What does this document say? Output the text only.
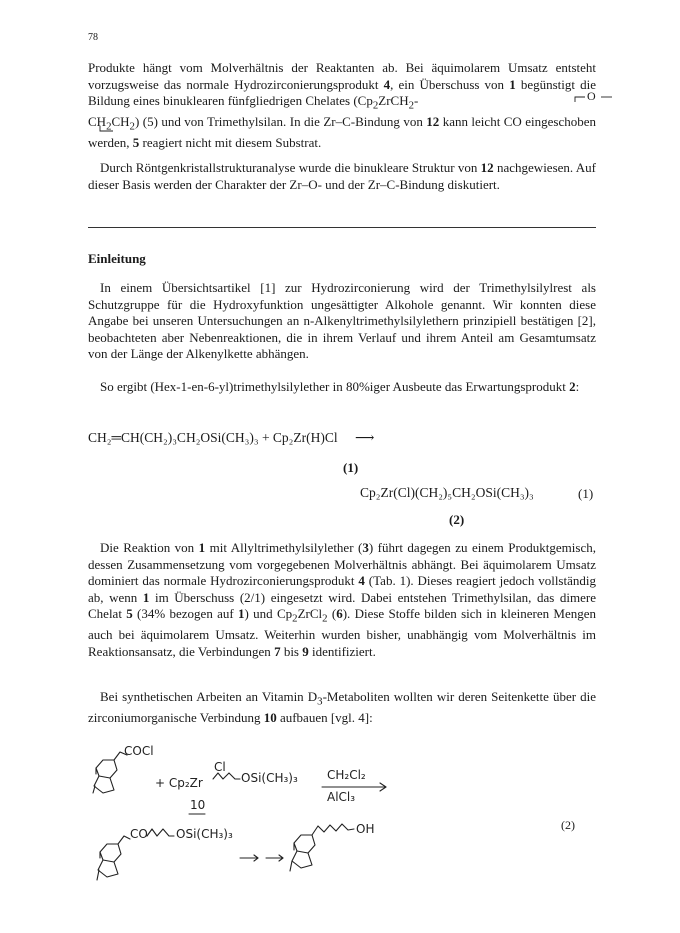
78
Produkte hängt vom Molverhältnis der Reaktanten ab. Bei äquimolarem Umsatz entsteht vorzugsweise das normale Hydrozirconierungsprodukt 4, ein Überschuss von 1 begünstigt die Bildung eines binuklearen fünfgliedrigen Chelates ($Cp_2ZrCH_2-$
$CH_2CH_2$) (5) und von Trimethylsilan. In die Zr–C-Bindung von 12 kann leicht CO eingeschoben werden, 5 reagiert nicht mit diesem Substrat.
O
Durch Röntgenkristallstrukturanalyse wurde die binukleare Struktur von 12 nachgewiesen. Auf dieser Basis werden der Charakter der Zr–O- und der Zr–C-Bindung diskutiert.
Einleitung
In einem Übersichtsartikel [1] zur Hydrozirconierung wird der Trimethylsilylrest als Schutzgruppe für die Hydroxyfunktion ungesättigter Alkohole genannt. Wir konnten diese Angabe bei unseren Untersuchungen an n-Alkenyltrimethylsilylethern prinzipiell bestätigen [2], beobachteten aber Nebenreaktionen, die in ihrem Verlauf und ihrem Anteil am Gesamtumsatz von der Länge der Alkenylkette abhängen.
So ergibt (Hex-1-en-6-yl)trimethylsilylether in 80%iger Ausbeute das Erwartungsprodukt 2:
CH₂═CH(CH₂)₃CH₂OSi(CH₃)₃ + Cp₂Zr(H)Cl ⟶
(1)
Cp₂Zr(Cl)(CH₂)₅CH₂OSi(CH₃)₃	(1)
(2)
Die Reaktion von 1 mit Allyltrimethylsilylether (3) führt dagegen zu einem Produktgemisch, dessen Zusammensetzung vom vorgegebenen Molverhältnis abhängt. Bei äquimolarem Umsatz dominiert das normale Hydrozirconierungsprodukt 4 (Tab. 1). Dieses reagiert jedoch vollständig ab, wenn 1 im Überschuss (2/1) eingesetzt wird. Dabei entstehen Trimethylsilan, das dimere Chelat 5 (34% bezogen auf 1) und $Cp_2ZrCl_2$ (6). Diese Stoffe bilden sich in kleineren Mengen auch bei äquimolarem Umsatz. Weiterhin wurden bisher, unabhängig vom Molverhältnis im Reaktionsansatz, die Verbindungen 7 bis 9 identifiziert.
Bei synthetischen Arbeiten an Vitamin $D_3$-Metaboliten wollten wir deren Seitenkette über die zirconiumorganische Verbindung 10 aufbauen [vgl. 4]:
COCl
+ Cp₂Zr
Cl
OSi(CH₃)₃ CH₂Cl₂
AlCl₃
10
(2)
CO OSi(CH₃)₃	OH
